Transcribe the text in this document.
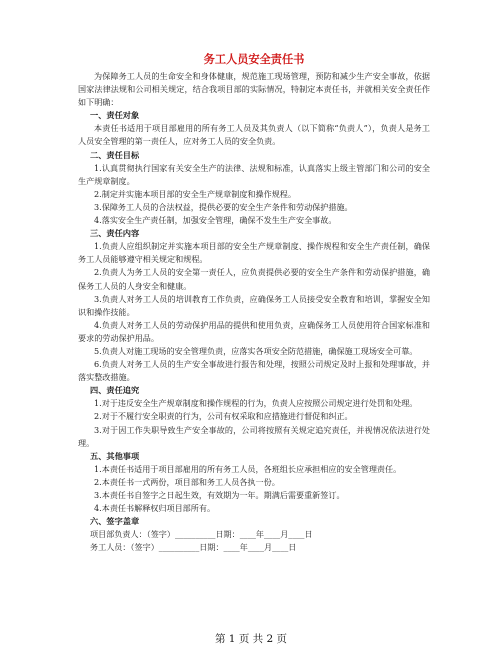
务工人员安全责任书

为保障务工人员的生命安全和身体健康，规范施工现场管理，预防和减少生产安全事故，依据国家法律法规和公司相关规定，结合我项目部的实际情况，特制定本责任书，并就相关安全责任作如下明确：

一、责任对象

本责任书适用于项目部雇用的所有务工人员及其负责人（以下简称“负责人”），负责人是务工人员安全管理的第一责任人，应对务工人员的安全负责。

二、责任目标

1.认真贯彻执行国家有关安全生产的法律、法规和标准，认真落实上级主管部门和公司的安全生产规章制度。

2.制定并实施本项目部的安全生产规章制度和操作规程。

3.保障务工人员的合法权益，提供必要的安全生产条件和劳动保护措施。

4.落实安全生产责任制，加强安全管理，确保不发生生产安全事故。

三、责任内容

1.负责人应组织制定并实施本项目部的安全生产规章制度、操作规程和安全生产责任制，确保务工人员能够遵守相关规定和规程。

2.负责人为务工人员的安全第一责任人，应负责提供必要的安全生产条件和劳动保护措施，确保务工人员的人身安全和健康。

3.负责人对务工人员的培训教育工作负责，应确保务工人员接受安全教育和培训，掌握安全知识和操作技能。

4.负责人对务工人员的劳动保护用品的提供和使用负责，应确保务工人员使用符合国家标准和要求的劳动保护用品。

5.负责人对施工现场的安全管理负责，应落实各项安全防范措施，确保施工现场安全可靠。

6.负责人对务工人员的生产安全事故进行报告和处理，按照公司规定及时上报和处理事故，并落实整改措施。

四、责任追究

1.对于违反安全生产规章制度和操作规程的行为，负责人应按照公司规定进行处罚和处理。

2.对于不履行安全职责的行为，公司有权采取和应措施进行督促和纠正。

3.对于因工作失职导致生产安全事故的，公司将按照有关规定追究责任，并视情况依法进行处理。

五、其他事项

1.本责任书适用于项目部雇用的所有务工人员，各班组长应承担相应的安全管理责任。

2.本责任书一式两份，项目部和务工人员各执一份。

3.本责任书自签字之日起生效，有效期为一年。期满后需要重新签订。

4.本责任书解释权归项目部所有。

六、签字盖章

项目部负责人：（签字）__________日期：____年____月____日

务工人员：（签字）__________日期：____年____月____日

第 1 页 共 2 页
